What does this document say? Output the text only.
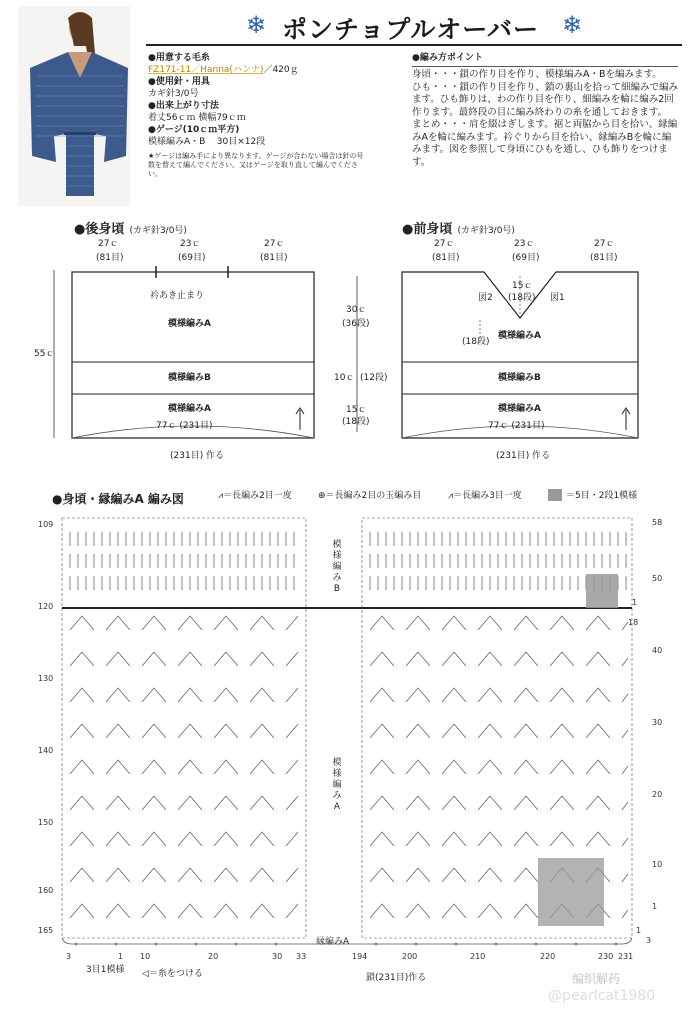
❄ ポンチョプルオーバー ❄
●用意する毛糸
FZ171-11／Hanna(ハンナ)／420ｇ
●使用針・用具
カギ針3/0号
●出来上がり寸法
着丈56ｃｍ 横幅79ｃｍ
●ゲージ(10ｃｍ平方)
模様編みA・B 30目×12段
★ゲージは編み手により異なります。ゲージが合わない場合は針の号数を替えて編んでください。又はゲージを取り直して編んでください。
●編み方ポイント
身頃・・・鎖の作り目を作り、模様編みA・Bを編みます。
ひも・・・鎖の作り目を作り、鎖の裏山を拾って細編みで編みます。ひも飾りは、わの作り目を作り、細編みを輪に編み2回作ります。最終段の目に編み終わりの糸を通しておきます。
まとめ・・・肩を綴はぎします。裾と両脇から目を拾い、縁編みAを輪に編みます。衿ぐりから目を拾い、縁編みBを輪に編みます。図を参照して身頃にひもを通し、ひも飾りをつけます。
●後身頃 (カギ針3/0号)
27ｃ	23ｃ	27ｃ
(81目)	(69目)	(81目)
衿あき止まり
55ｃ
模様編みA
模様編みB
模様編みA
77ｃ (231目)
(231目) 作る
30ｃ
(36段)
10ｃ (12段)
15ｃ
(18段)
●前身頃 (カギ針3/0号)
27ｃ	23ｃ	27ｃ
(81目)	(69目)	(81目)
15ｃ
(18段)
図2	図1
(18段)
模様編みA
模様編みB
模様編みA
77ｃ (231目)
(231目) 作る
●身頃・縁編みA 編み図	⩘＝長編み2目一度	⊕＝長編み2目の玉編み目	⩘＝長編み3目一度	＝5目・2段1模様
模様編みB
模様編みA
縁編みA
109
120
130
140
150
160
165
58
50
40
30
20
10
1
1
18
1
3
3	1 10	20	30 33	194	200	210	220	230 231
3目1模様 ◁＝糸をつける	鎖(231目)作る	编织解药
@pearlcat1980
